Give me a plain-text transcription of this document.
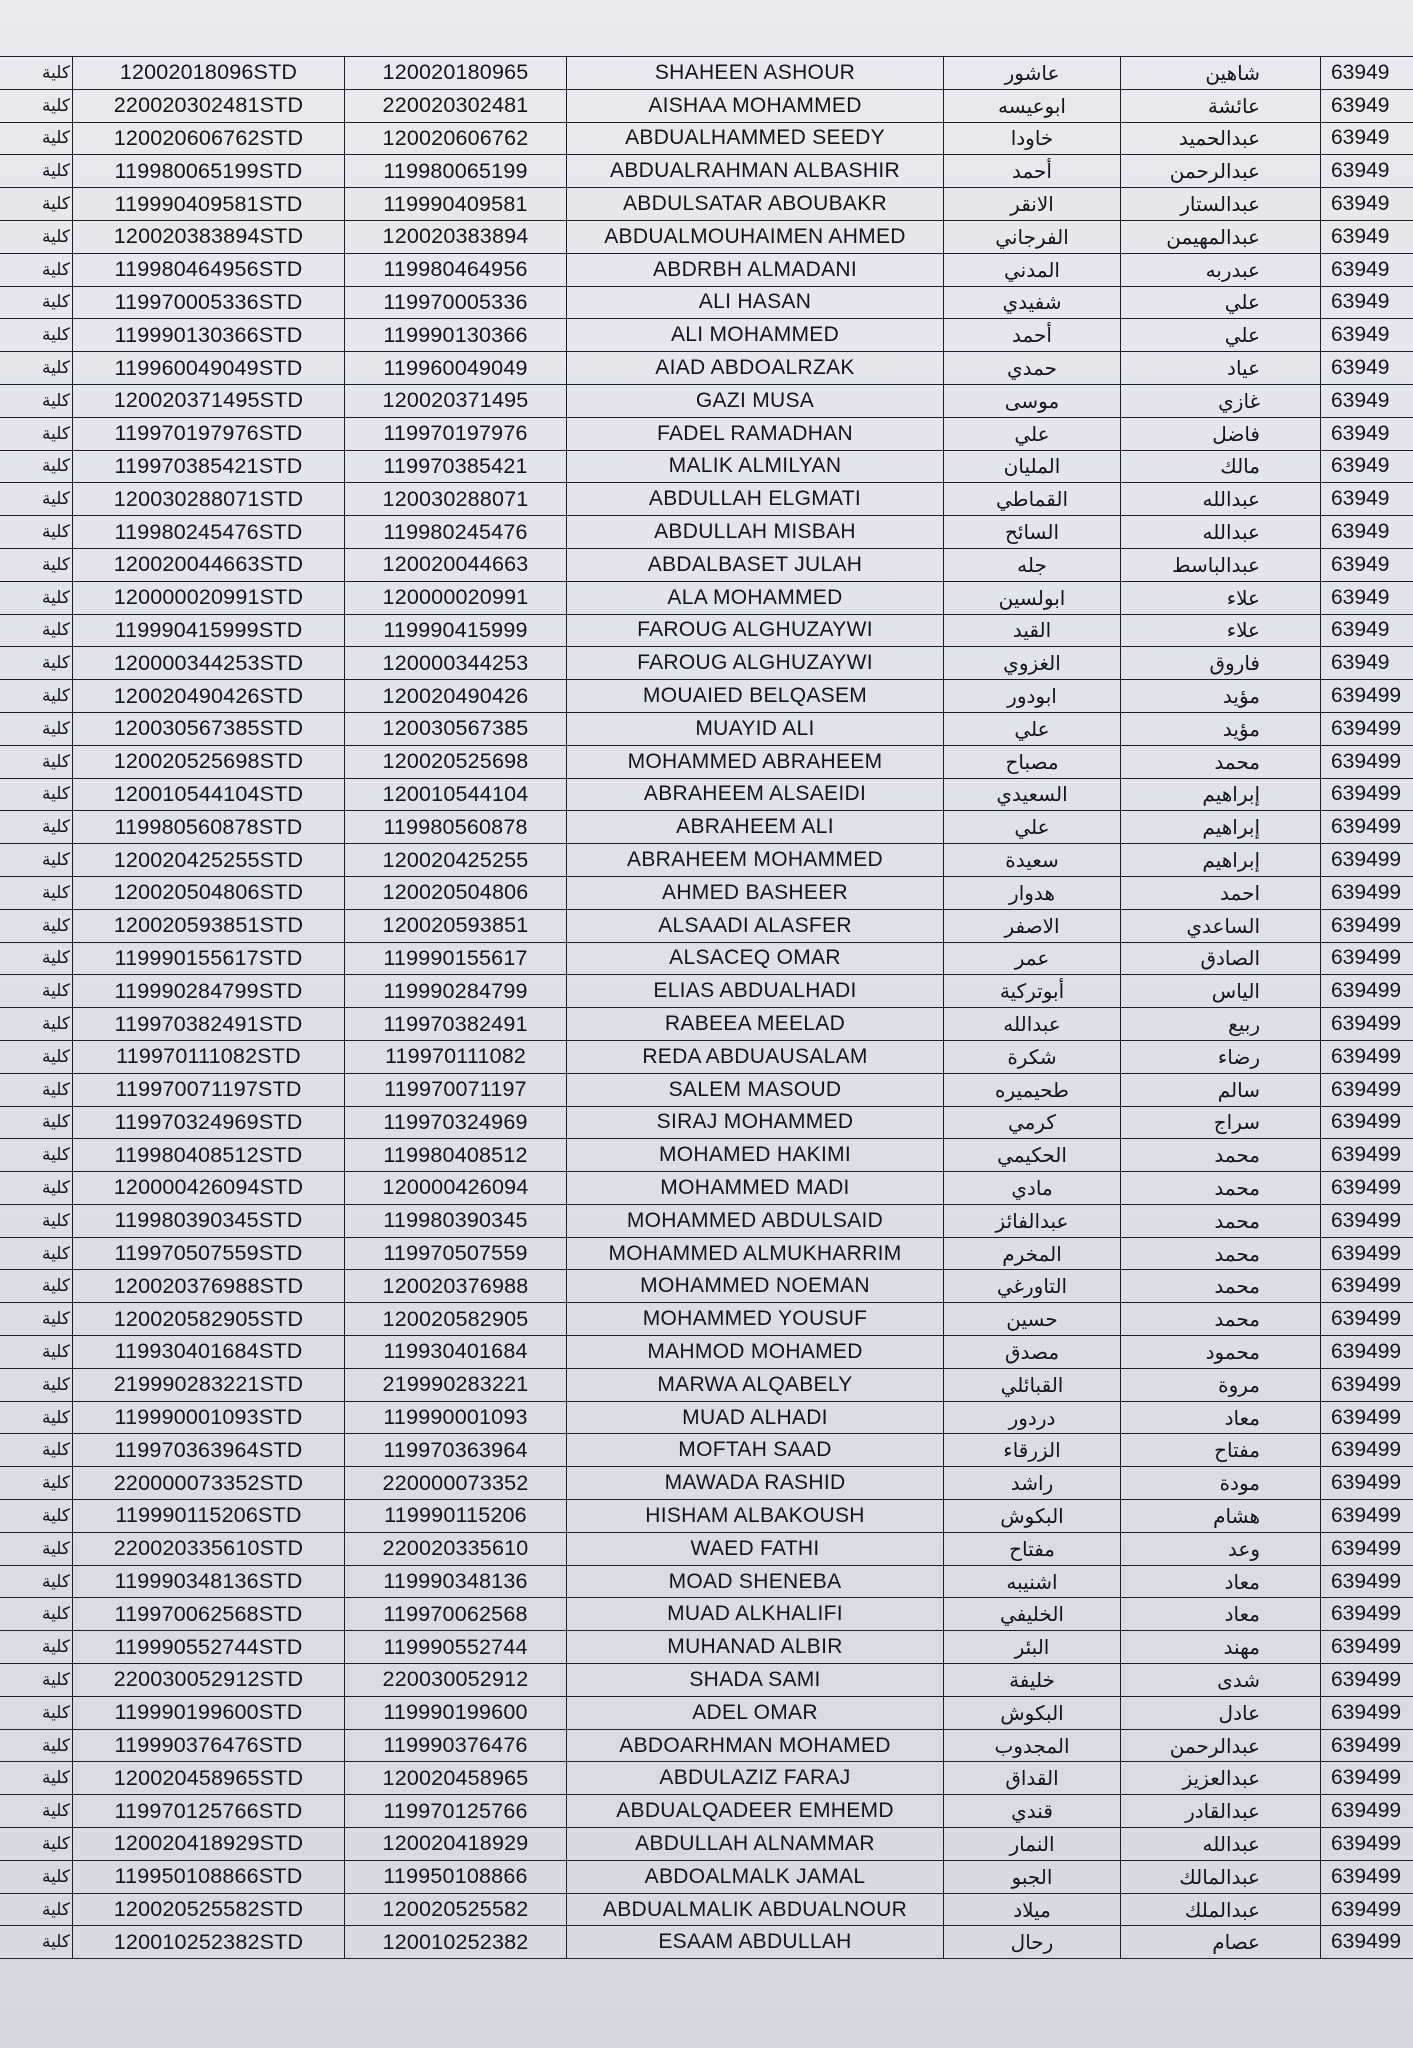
كلية	12002018096STD	120020180965	SHAHEEN ASHOUR	عاشور	شاهين	63949
كلية	220020302481STD	220020302481	AISHAA MOHAMMED	ابوعيسه	عائشة	63949
كلية	120020606762STD	120020606762	ABDUALHAMMED SEEDY	خاودا	عبدالحميد	63949
كلية	119980065199STD	119980065199	ABDUALRAHMAN ALBASHIR	أحمد	عبدالرحمن	63949
كلية	119990409581STD	119990409581	ABDULSATAR ABOUBAKR	الانقر	عبدالستار	63949
كلية	120020383894STD	120020383894	ABDUALMOUHAIMEN AHMED	الفرجاني	عبدالمهيمن	63949
كلية	119980464956STD	119980464956	ABDRBH ALMADANI	المدني	عبدربه	63949
كلية	119970005336STD	119970005336	ALI HASAN	شفيدي	علي	63949
كلية	119990130366STD	119990130366	ALI MOHAMMED	أحمد	علي	63949
كلية	119960049049STD	119960049049	AIAD ABDOALRZAK	حمدي	عياد	63949
كلية	120020371495STD	120020371495	GAZI MUSA	موسى	غازي	63949
كلية	119970197976STD	119970197976	FADEL RAMADHAN	علي	فاضل	63949
كلية	119970385421STD	119970385421	MALIK ALMILYAN	المليان	مالك	63949
كلية	120030288071STD	120030288071	ABDULLAH ELGMATI	القماطي	عبدالله	63949
كلية	119980245476STD	119980245476	ABDULLAH MISBAH	السائح	عبدالله	63949
كلية	120020044663STD	120020044663	ABDALBASET JULAH	جله	عبدالباسط	63949
كلية	120000020991STD	120000020991	ALA MOHAMMED	ابولسين	علاء	63949
كلية	119990415999STD	119990415999	FAROUG ALGHUZAYWI	القيد	علاء	63949
كلية	120000344253STD	120000344253	FAROUG ALGHUZAYWI	الغزوي	فاروق	63949
كلية	120020490426STD	120020490426	MOUAIED BELQASEM	ابودور	مؤيد	639499
كلية	120030567385STD	120030567385	MUAYID ALI	علي	مؤيد	639499
كلية	120020525698STD	120020525698	MOHAMMED ABRAHEEM	مصباح	محمد	639499
كلية	120010544104STD	120010544104	ABRAHEEM ALSAEIDI	السعيدي	إبراهيم	639499
كلية	119980560878STD	119980560878	ABRAHEEM ALI	علي	إبراهيم	639499
كلية	120020425255STD	120020425255	ABRAHEEM MOHAMMED	سعيدة	إبراهيم	639499
كلية	120020504806STD	120020504806	AHMED BASHEER	هدوار	احمد	639499
كلية	120020593851STD	120020593851	ALSAADI ALASFER	الاصفر	الساعدي	639499
كلية	119990155617STD	119990155617	ALSACEQ OMAR	عمر	الصادق	639499
كلية	119990284799STD	119990284799	ELIAS ABDUALHADI	أبوتركية	الياس	639499
كلية	119970382491STD	119970382491	RABEEA MEELAD	عبدالله	ربيع	639499
كلية	119970111082STD	119970111082	REDA ABDUAUSALAM	شكرة	رضاء	639499
كلية	119970071197STD	119970071197	SALEM MASOUD	طحيميره	سالم	639499
كلية	119970324969STD	119970324969	SIRAJ MOHAMMED	كرمي	سراج	639499
كلية	119980408512STD	119980408512	MOHAMED HAKIMI	الحكيمي	محمد	639499
كلية	120000426094STD	120000426094	MOHAMMED MADI	مادي	محمد	639499
كلية	119980390345STD	119980390345	MOHAMMED ABDULSAID	عبدالفائز	محمد	639499
كلية	119970507559STD	119970507559	MOHAMMED ALMUKHARRIM	المخرم	محمد	639499
كلية	120020376988STD	120020376988	MOHAMMED NOEMAN	التاورغي	محمد	639499
كلية	120020582905STD	120020582905	MOHAMMED YOUSUF	حسين	محمد	639499
كلية	119930401684STD	119930401684	MAHMOD MOHAMED	مصدق	محمود	639499
كلية	219990283221STD	219990283221	MARWA ALQABELY	القبائلي	مروة	639499
كلية	119990001093STD	119990001093	MUAD ALHADI	دردور	معاد	639499
كلية	119970363964STD	119970363964	MOFTAH SAAD	الزرقاء	مفتاح	639499
كلية	220000073352STD	220000073352	MAWADA RASHID	راشد	مودة	639499
كلية	119990115206STD	119990115206	HISHAM ALBAKOUSH	البكوش	هشام	639499
كلية	220020335610STD	220020335610	WAED FATHI	مفتاح	وعد	639499
كلية	119990348136STD	119990348136	MOAD SHENEBA	اشنيبه	معاد	639499
كلية	119970062568STD	119970062568	MUAD ALKHALIFI	الخليفي	معاد	639499
كلية	119990552744STD	119990552744	MUHANAD ALBIR	البئر	مهند	639499
كلية	220030052912STD	220030052912	SHADA SAMI	خليفة	شدى	639499
كلية	119990199600STD	119990199600	ADEL OMAR	البكوش	عادل	639499
كلية	119990376476STD	119990376476	ABDOARHMAN MOHAMED	المجدوب	عبدالرحمن	639499
كلية	120020458965STD	120020458965	ABDULAZIZ FARAJ	القداق	عبدالعزيز	639499
كلية	119970125766STD	119970125766	ABDUALQADEER EMHEMD	قندي	عبدالقادر	639499
كلية	120020418929STD	120020418929	ABDULLAH ALNAMMAR	النمار	عبدالله	639499
كلية	119950108866STD	119950108866	ABDOALMALK JAMAL	الجبو	عبدالمالك	639499
كلية	120020525582STD	120020525582	ABDUALMALIK ABDUALNOUR	ميلاد	عبدالملك	639499
كلية	120010252382STD	120010252382	ESAAM ABDULLAH	رحال	عصام	639499
